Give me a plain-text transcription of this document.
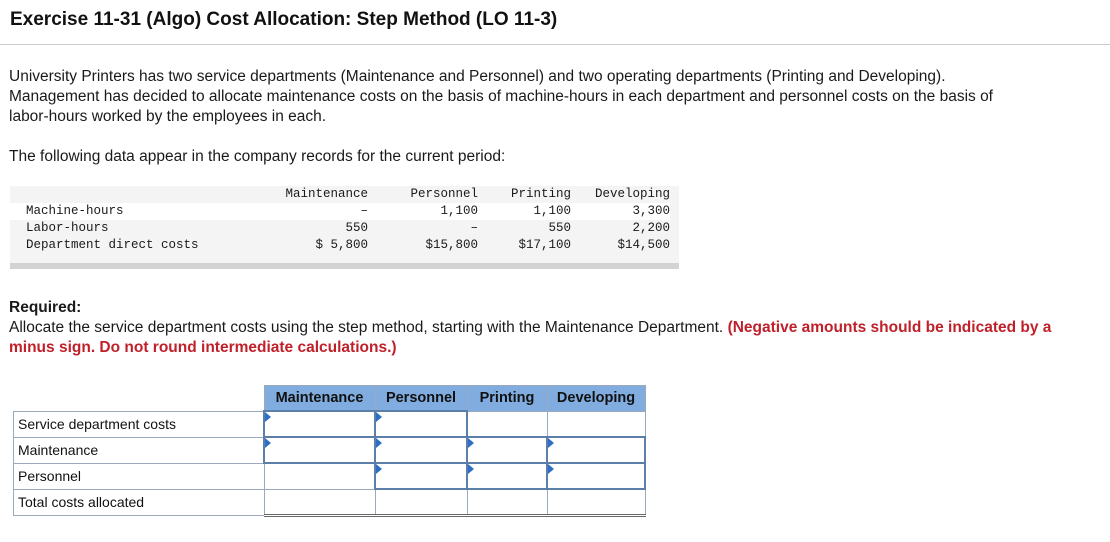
Exercise 11-31 (Algo) Cost Allocation: Step Method (LO 11-3)

University Printers has two service departments (Maintenance and Personnel) and two operating departments (Printing and Developing). Management has decided to allocate maintenance costs on the basis of machine-hours in each department and personnel costs on the basis of labor-hours worked by the employees in each.

The following data appear in the company records for the current period:

	Maintenance	Personnel	Printing	Developing
Machine-hours	–	1,100	1,100	3,300
Labor-hours	550	–	550	2,200
Department direct costs	$ 5,800	$15,800	$17,100	$14,500

Required:
Allocate the service department costs using the step method, starting with the Maintenance Department. (Negative amounts should be indicated by a minus sign. Do not round intermediate calculations.)

	Maintenance	Personnel	Printing	Developing
Service department costs				
Maintenance				
Personnel				
Total costs allocated				
